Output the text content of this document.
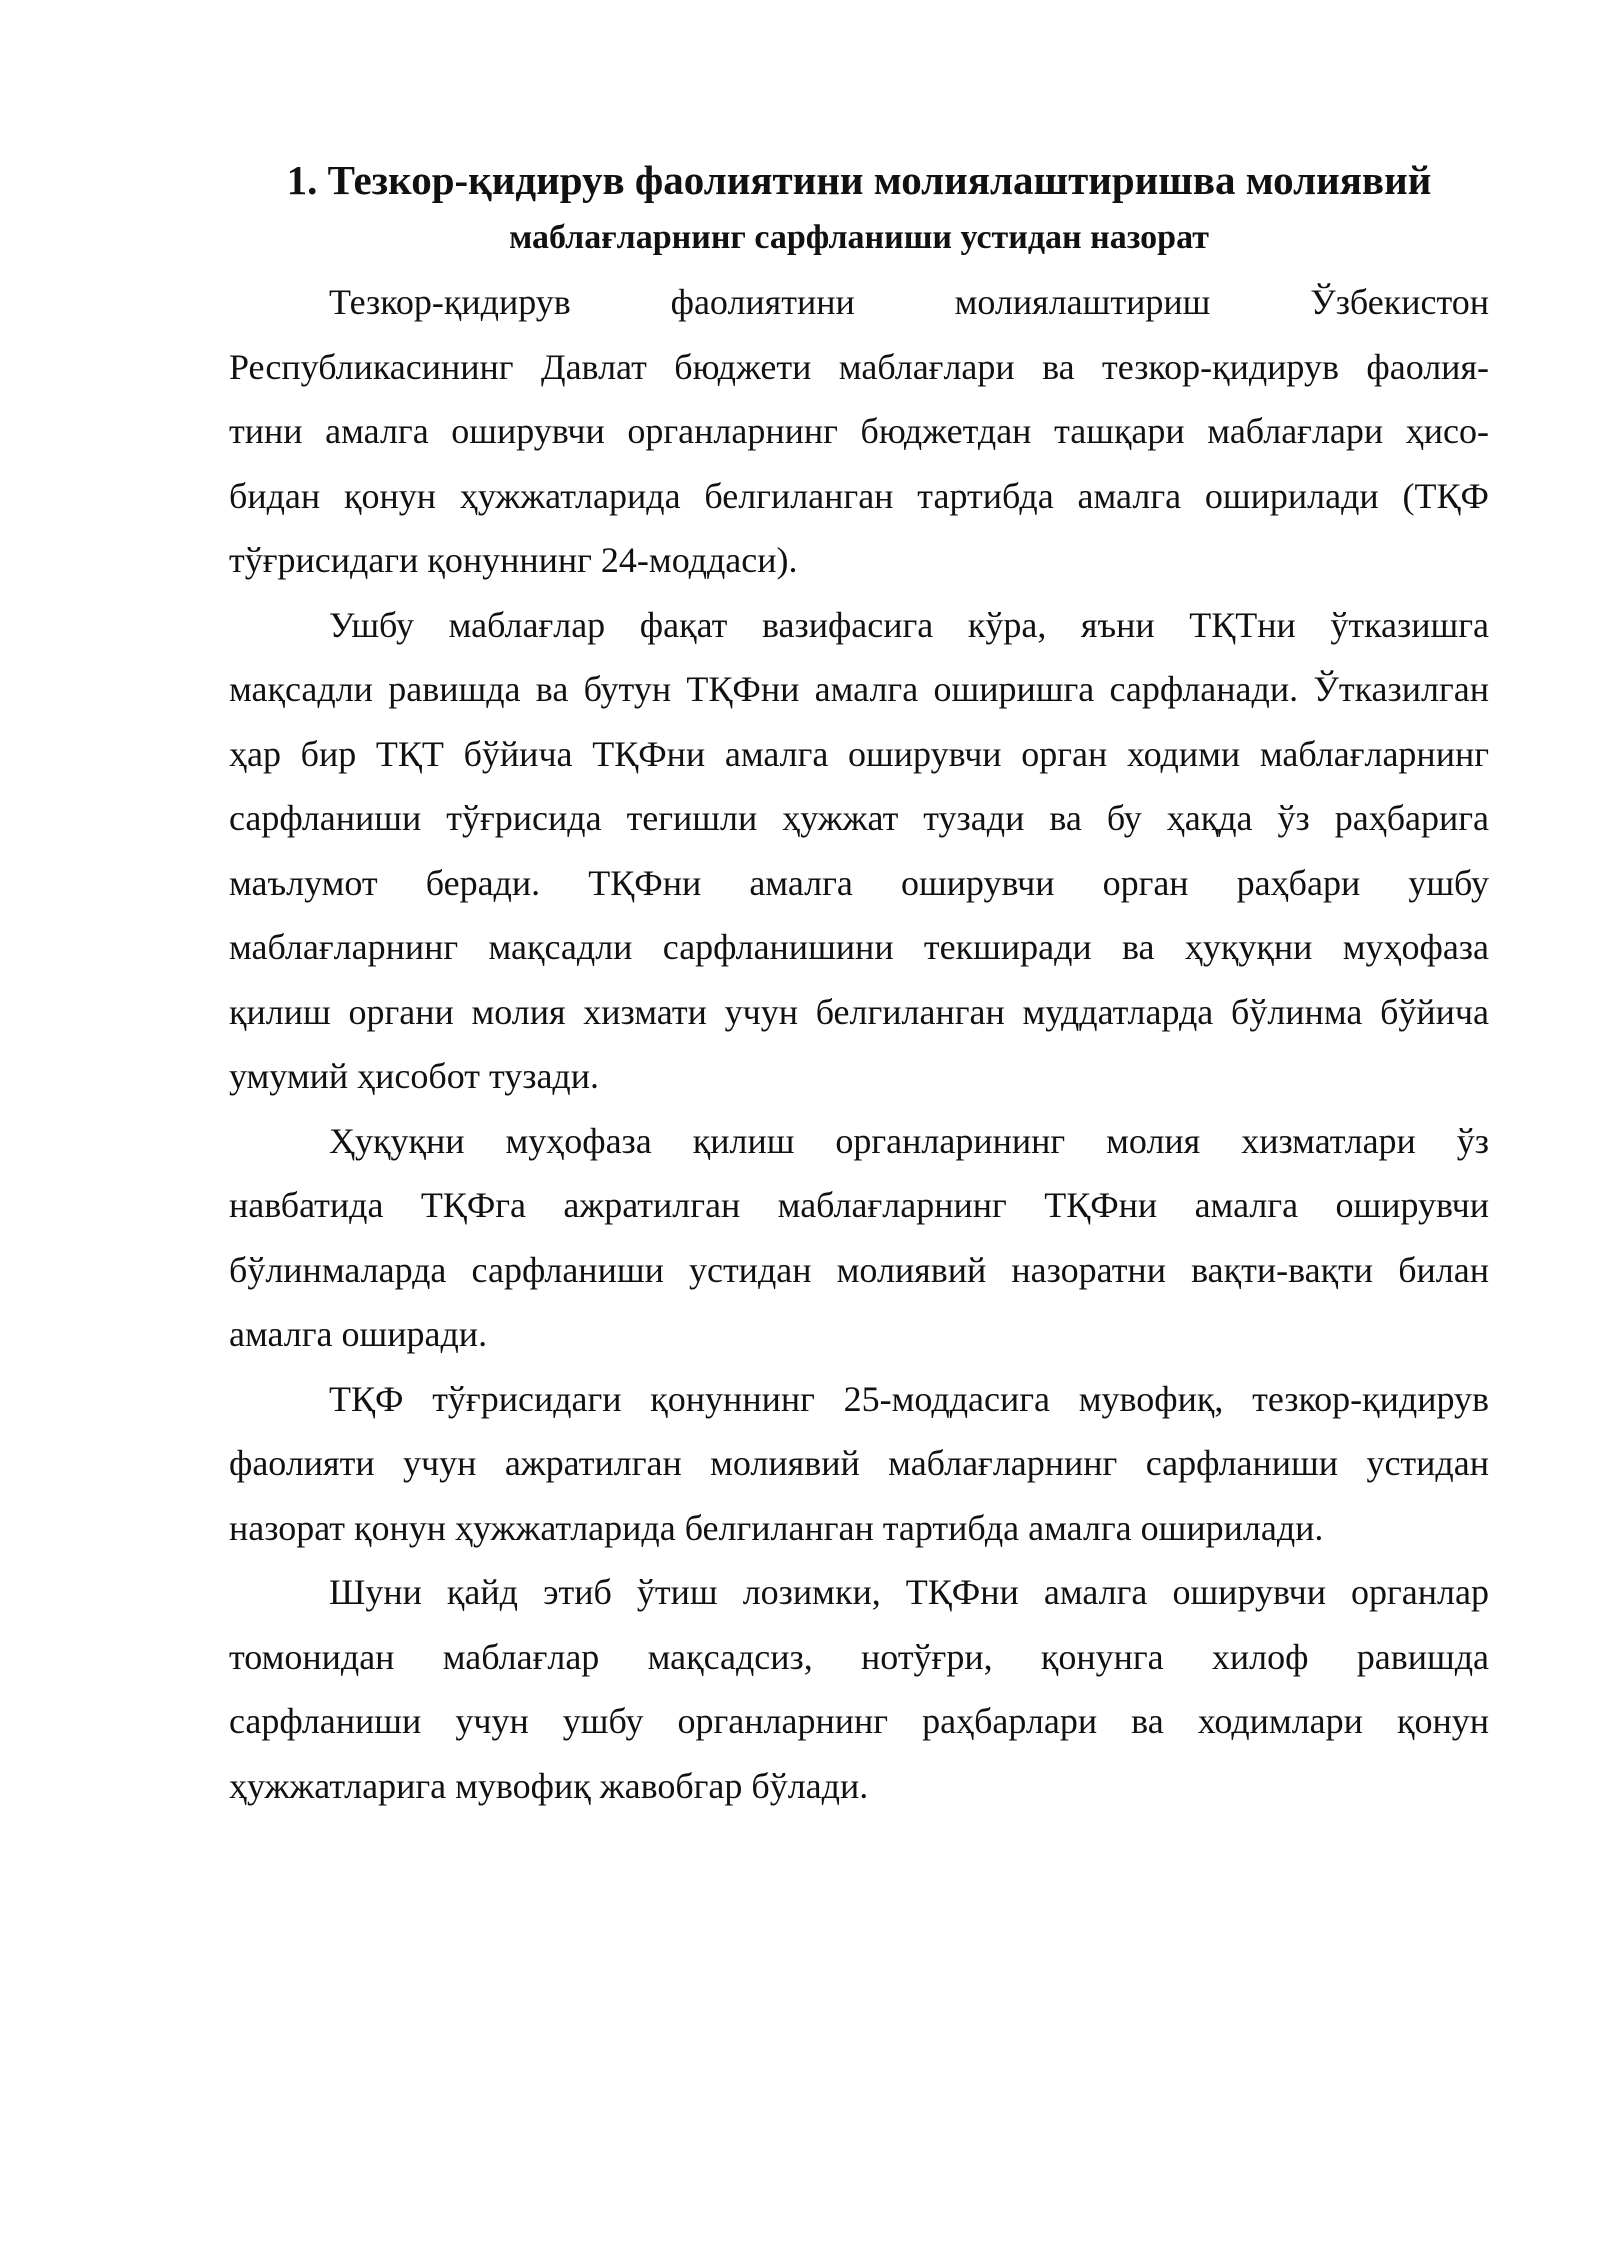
1. Тезкор-қидирув фаолиятини молиялаштиришва молиявий
маблағларнинг сарфланиши устидан назорат

Тезкор-қидирув фаолиятини молиялаштириш Ўзбекистон
Республикасининг Давлат бюджети маблағлари ва тезкор-қидирув фаолия-
тини амалга оширувчи органларнинг бюджетдан ташқари маблағлари ҳисо-
бидан қонун ҳужжатларида белгиланган тартибда амалга оширилади (ТҚФ
тўғрисидаги қонуннинг 24-моддаси).

Ушбу маблағлар фақат вазифасига кўра, яъни ТҚТни ўтказишга
мақсадли равишда ва бутун ТҚФни амалга оширишга сарфланади. Ўтказилган
ҳар бир ТҚТ бўйича ТҚФни амалга оширувчи орган ходими маблағларнинг
сарфланиши тўғрисида тегишли ҳужжат тузади ва бу ҳақда ўз раҳбарига
маълумот беради. ТҚФни амалга оширувчи орган раҳбари ушбу
маблағларнинг мақсадли сарфланишини текширади ва ҳуқуқни муҳофаза
қилиш органи молия хизмати учун белгиланган муддатларда бўлинма бўйича
умумий ҳисобот тузади.

Ҳуқуқни муҳофаза қилиш органларининг молия хизматлари ўз
навбатида ТҚФга ажратилган маблағларнинг ТҚФни амалга оширувчи
бўлинмаларда сарфланиши устидан молиявий назоратни вақти-вақти билан
амалга оширади.

ТҚФ тўғрисидаги қонуннинг 25-моддасига мувофиқ, тезкор-қидирув
фаолияти учун ажратилган молиявий маблағларнинг сарфланиши устидан
назорат қонун ҳужжатларида белгиланган тартибда амалга оширилади.

Шуни қайд этиб ўтиш лозимки, ТҚФни амалга оширувчи органлар
томонидан маблағлар мақсадсиз, нотўғри, қонунга хилоф равишда
сарфланиши учун ушбу органларнинг раҳбарлари ва ходимлари қонун
ҳужжатларига мувофиқ жавобгар бўлади.
